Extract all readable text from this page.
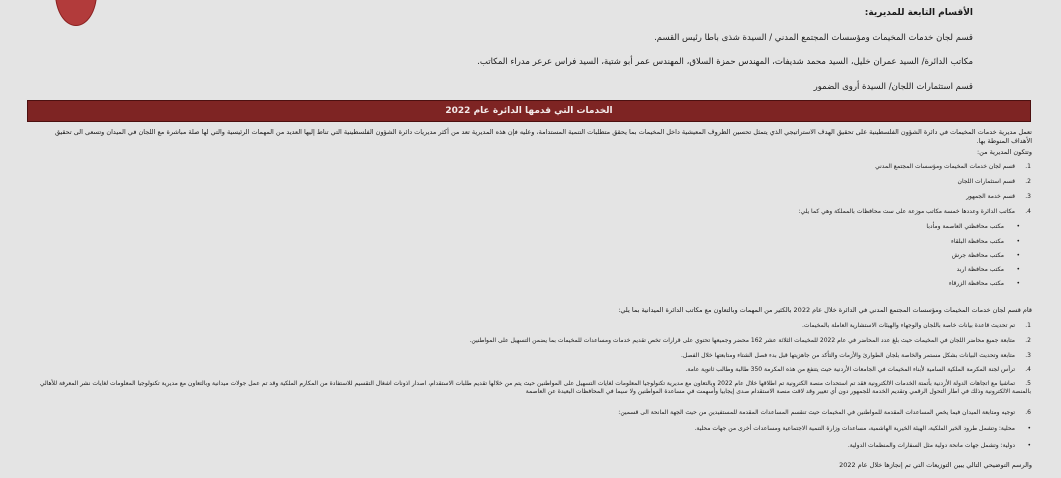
الأقسام التابعة للمديرية:
قسم لجان خدمات المخيمات ومؤسسات المجتمع المدني / السيدة شذى باطا رئيس القسم.
مكاتب الدائرة/ السيد عمران خليل، السيد محمد شديفات، المهندس حمزة السلاق، المهندس عمر أبو شتية، السيد فراس عرعر مدراء المكاتب.
قسم استثمارات اللجان/ السيدة أروى الضمور
الخدمات التي قدمها الدائرة عام 2022
تعمل مديرية خدمات المخيمات في دائرة الشؤون الفلسطينية على تحقيق الهدف الاستراتيجي الذي يتمثل تحسين الظروف المعيشية داخل المخيمات بما يحقق متطلبات التنمية المستدامة، وعليه فإن هذه المديرية تعد من أكثر مديريات دائرة الشؤون الفلسطينية التي تناط إليها العديد من المهمات الرئيسية والتي لها صلة مباشرة مع اللجان في الميدان وتسعى الى تحقيق الأهداف المنوطة بها.
وتتكون المديرية من:
1.قسم لجان خدمات المخيمات ومؤسسات المجتمع المدني
2.قسم استثمارات اللجان
3.قسم خدمة الجمهور
4.مكاتب الدائرة وعددها خمسة مكاتب موزعة على ست محافظات بالمملكة وهي كما يلي:
•مكتب محافظتي العاصمة ومأدبا
•مكتب محافظة البلقاء
•مكتب محافظة جرش
•مكتب محافظة اربد
•مكتب محافظة الزرقاء
قام قسم لجان خدمات المخيمات ومؤسسات المجتمع المدني في الدائرة خلال عام 2022 بالكثير من المهمات وبالتعاون مع مكاتب الدائرة الميدانية بما يلي:
1.تم تحديث قاعدة بيانات خاصة باللجان والوجهاء والهيئات الاستشارية العاملة بالمخيمات.
2.متابعة جميع محاضر اللجان في المخيمات حيث بلغ عدد المحاضر في عام 2022 للمخيمات الثلاثة عشر 162 محضر وجميعها تحتوي على قرارات تخص تقديم خدمات ومساعدات للمخيمات بما يضمن التسهيل على المواطنين.
3.متابعة وتحديث البيانات بشكل مستمر والخاصة بلجان الطوارئ والأزمات والتأكد من جاهزيتها قبل بدء فصل الشتاء ومتابعتها خلال الفصل.
4.ترأس لجنة المكرمة الملكية السامية لأبناء المخيمات في الجامعات الأردنية حيث يتنفع من هذه المكرمة 350 طالبة وطالب ثانوية عامة.
5.تماشيا مع اتجاهات الدولة الأردنية بأتمتة الخدمات الالكترونية فقد تم استحداث منصة الكترونية تم اطلاقها خلال عام 2022 وبالتعاون مع مديرية تكنولوجيا المعلومات لغايات التسهيل على المواطنين حيث يتم من خلالها تقديم طلبات الاستقدام، اصدار اذونات اشغال التقسيم للاستفادة من المكارم الملكية وقد تم عمل جولات ميدانية وبالتعاون مع مديرية تكنولوجيا المعلومات لغايات نشر المعرفة للأهالي بالمنصة الالكترونية وذلك في اطار التحول الرقمي وتقديم الخدمة للجمهور دون أي تعيير وقد لاقت منصة الاستقدام صدى إيجابيا وأسهمت في مساعدة المواطنين ولا سيما في المحافظات البعيدة عن العاصمة
6.توجيه ومتابعة الميدان فيما يخص المساعدات المقدمة للمواطنين في المخيمات حيث تنقسم المساعدات المقدمة للمستفيدين من حيث الجهة المانحة الى قسمين:
•محلية: وتشمل طرود الخير الملكية، الهيئة الخيرية الهاشمية، مساعدات وزارة التنمية الاجتماعية ومساعدات أخرى من جهات محلية.
•دولية: وتشمل جهات مانحة دولية مثل السفارات والمنظمات الدولية.
والرسم التوضيحي التالي يبين التوزيعات التي تم إنجازها خلال عام 2022
